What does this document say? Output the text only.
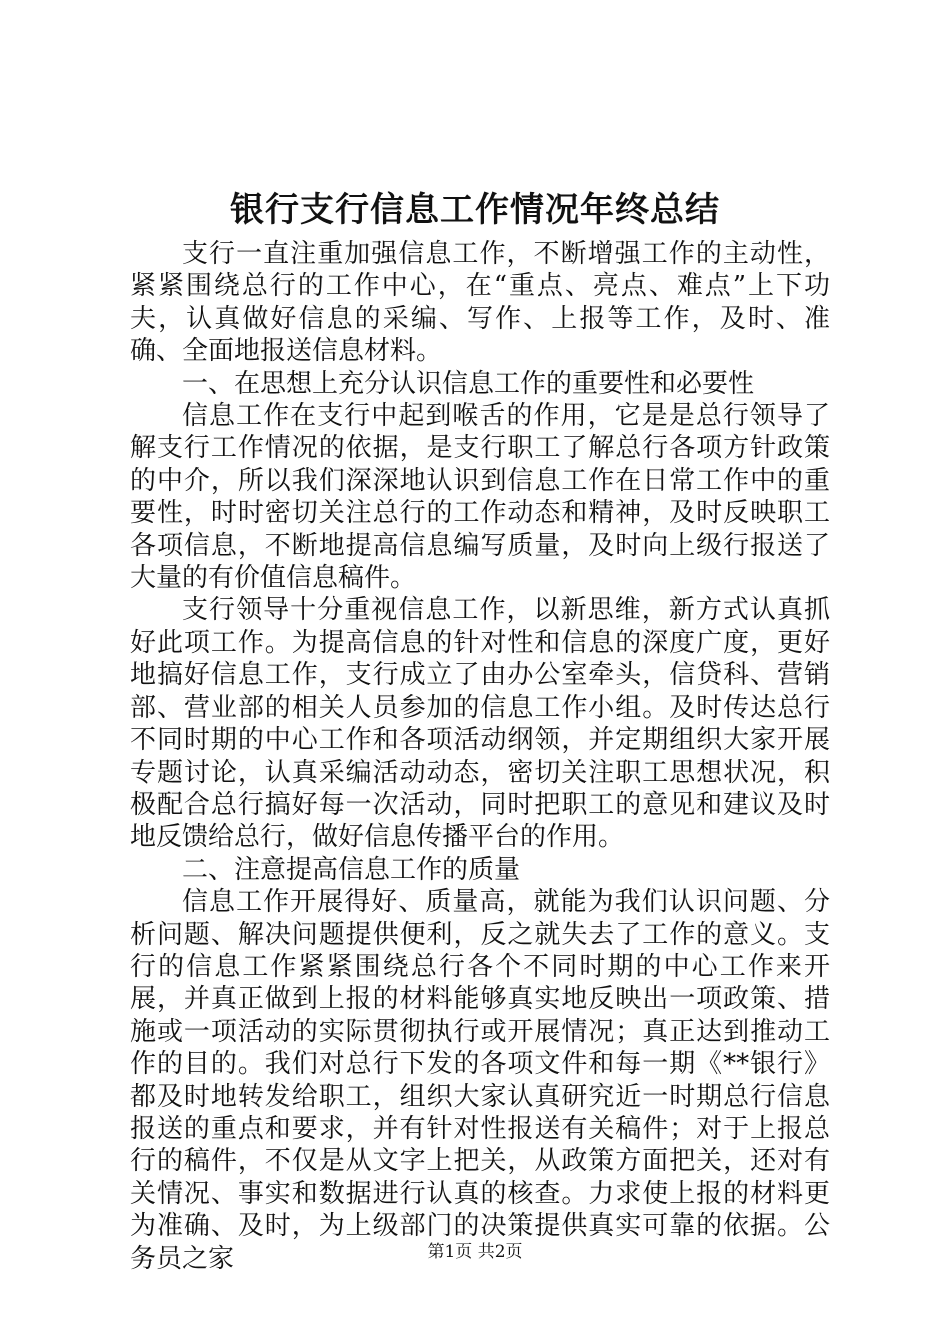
银行支行信息工作情况年终总结

支行一直注重加强信息工作，不断增强工作的主动性，紧紧围绕总行的工作中心，在“重点、亮点、难点”上下功夫，认真做好信息的采编、写作、上报等工作，及时、准确、全面地报送信息材料。

一、在思想上充分认识信息工作的重要性和必要性

信息工作在支行中起到喉舌的作用，它是是总行领导了解支行工作情况的依据，是支行职工了解总行各项方针政策的中介，所以我们深深地认识到信息工作在日常工作中的重要性，时时密切关注总行的工作动态和精神，及时反映职工各项信息，不断地提高信息编写质量，及时向上级行报送了大量的有价值信息稿件。

支行领导十分重视信息工作，以新思维，新方式认真抓好此项工作。为提高信息的针对性和信息的深度广度，更好地搞好信息工作，支行成立了由办公室牵头，信贷科、营销部、营业部的相关人员参加的信息工作小组。及时传达总行不同时期的中心工作和各项活动纲领，并定期组织大家开展专题讨论，认真采编活动动态，密切关注职工思想状况，积极配合总行搞好每一次活动，同时把职工的意见和建议及时地反馈给总行，做好信息传播平台的作用。

二、注意提高信息工作的质量

信息工作开展得好、质量高，就能为我们认识问题、分析问题、解决问题提供便利，反之就失去了工作的意义。支行的信息工作紧紧围绕总行各个不同时期的中心工作来开展，并真正做到上报的材料能够真实地反映出一项政策、措施或一项活动的实际贯彻执行或开展情况；真正达到推动工作的目的。我们对总行下发的各项文件和每一期《**银行》都及时地转发给职工，组织大家认真研究近一时期总行信息报送的重点和要求，并有针对性报送有关稿件；对于上报总行的稿件，不仅是从文字上把关，从政策方面把关，还对有关情况、事实和数据进行认真的核查。力求使上报的材料更为准确、及时，为上级部门的决策提供真实可靠的依据。公务员之家	第1页 共2页
